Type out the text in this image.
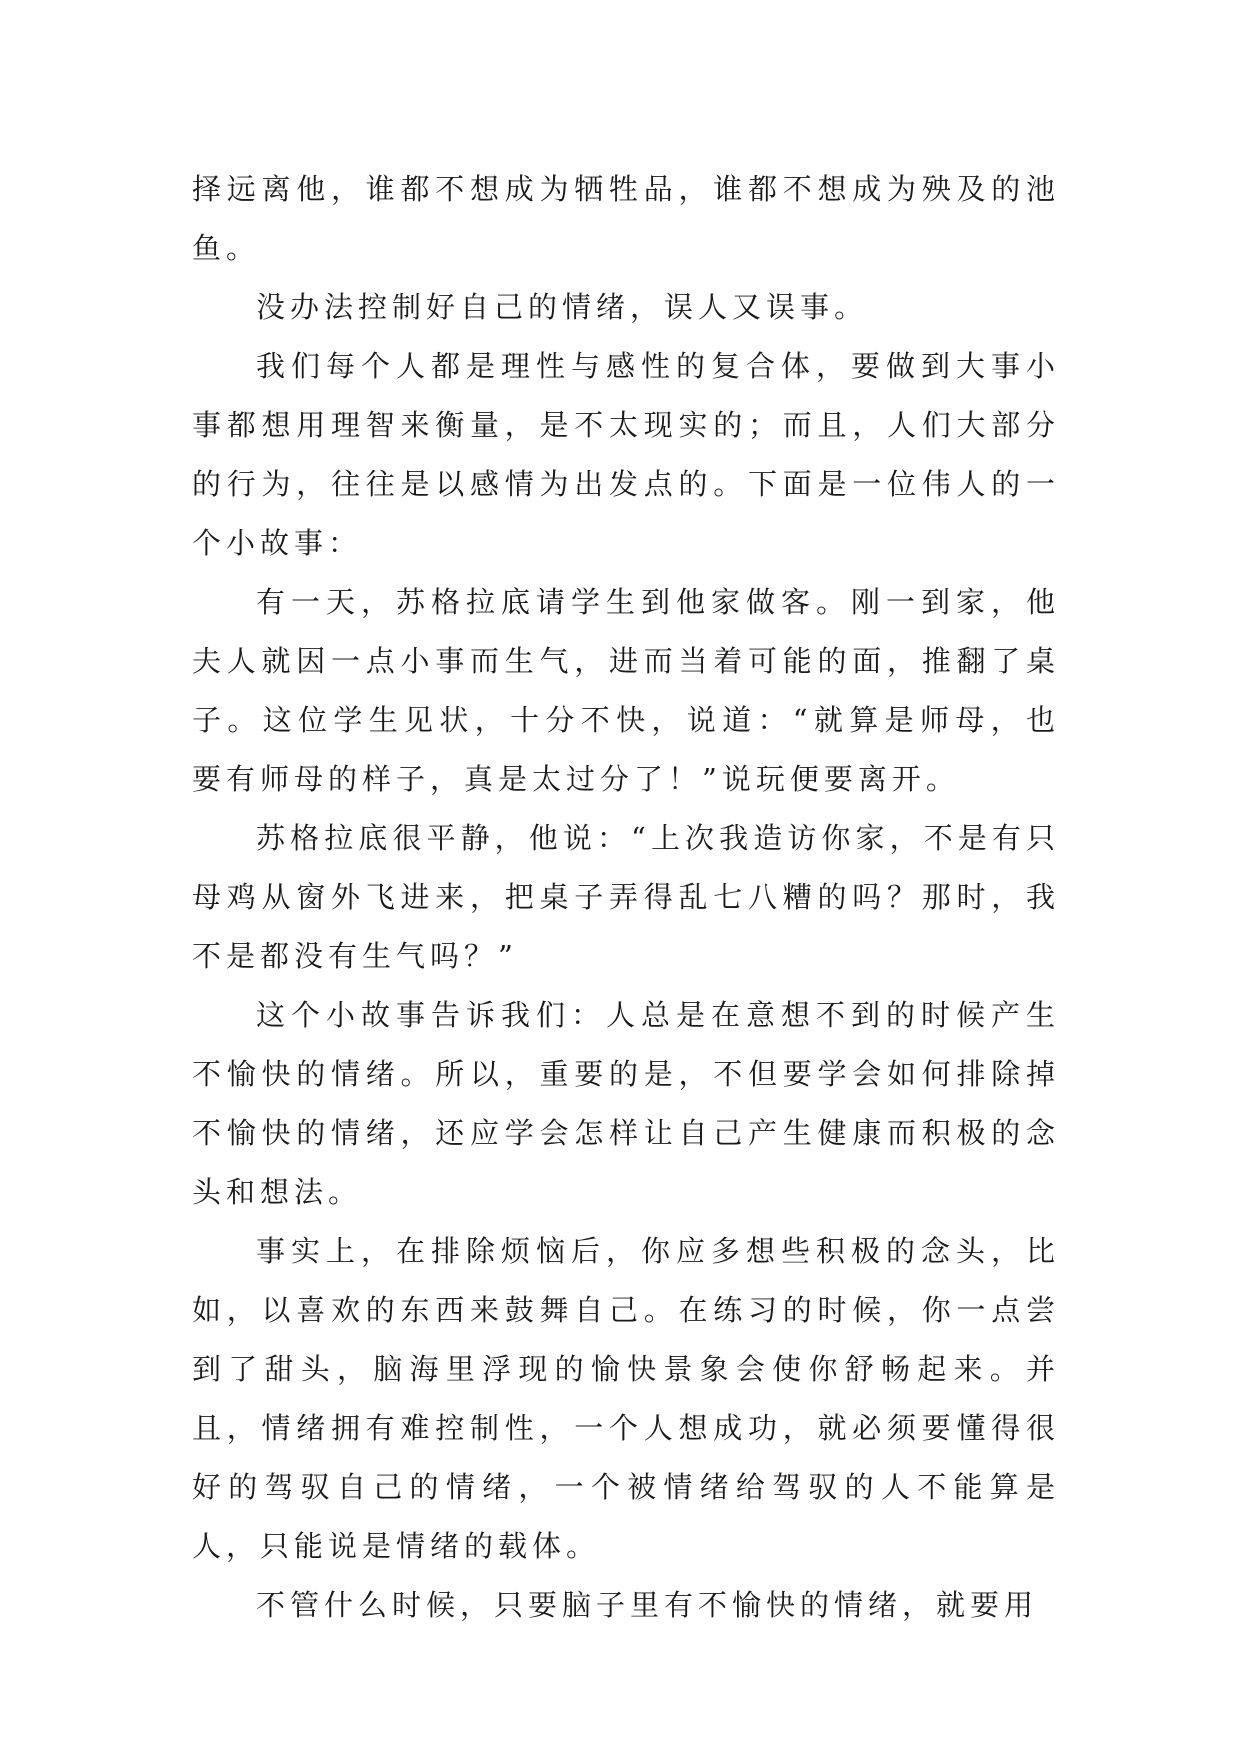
择远离他，谁都不想成为牺牲品，谁都不想成为殃及的池鱼。

没办法控制好自己的情绪，误人又误事。

我们每个人都是理性与感性的复合体，要做到大事小事都想用理智来衡量，是不太现实的；而且，人们大部分的行为，往往是以感情为出发点的。下面是一位伟人的一个小故事：

有一天，苏格拉底请学生到他家做客。刚一到家，他夫人就因一点小事而生气，进而当着可能的面，推翻了桌子。这位学生见状，十分不快，说道：“就算是师母，也要有师母的样子，真是太过分了！”说玩便要离开。

苏格拉底很平静，他说：“上次我造访你家，不是有只母鸡从窗外飞进来，把桌子弄得乱七八糟的吗？那时，我不是都没有生气吗？”

这个小故事告诉我们：人总是在意想不到的时候产生不愉快的情绪。所以，重要的是，不但要学会如何排除掉不愉快的情绪，还应学会怎样让自己产生健康而积极的念头和想法。

事实上，在排除烦恼后，你应多想些积极的念头，比如，以喜欢的东西来鼓舞自己。在练习的时候，你一点尝到了甜头，脑海里浮现的愉快景象会使你舒畅起来。并且，情绪拥有难控制性，一个人想成功，就必须要懂得很好的驾驭自己的情绪，一个被情绪给驾驭的人不能算是人，只能说是情绪的载体。

不管什么时候，只要脑子里有不愉快的情绪，就要用
